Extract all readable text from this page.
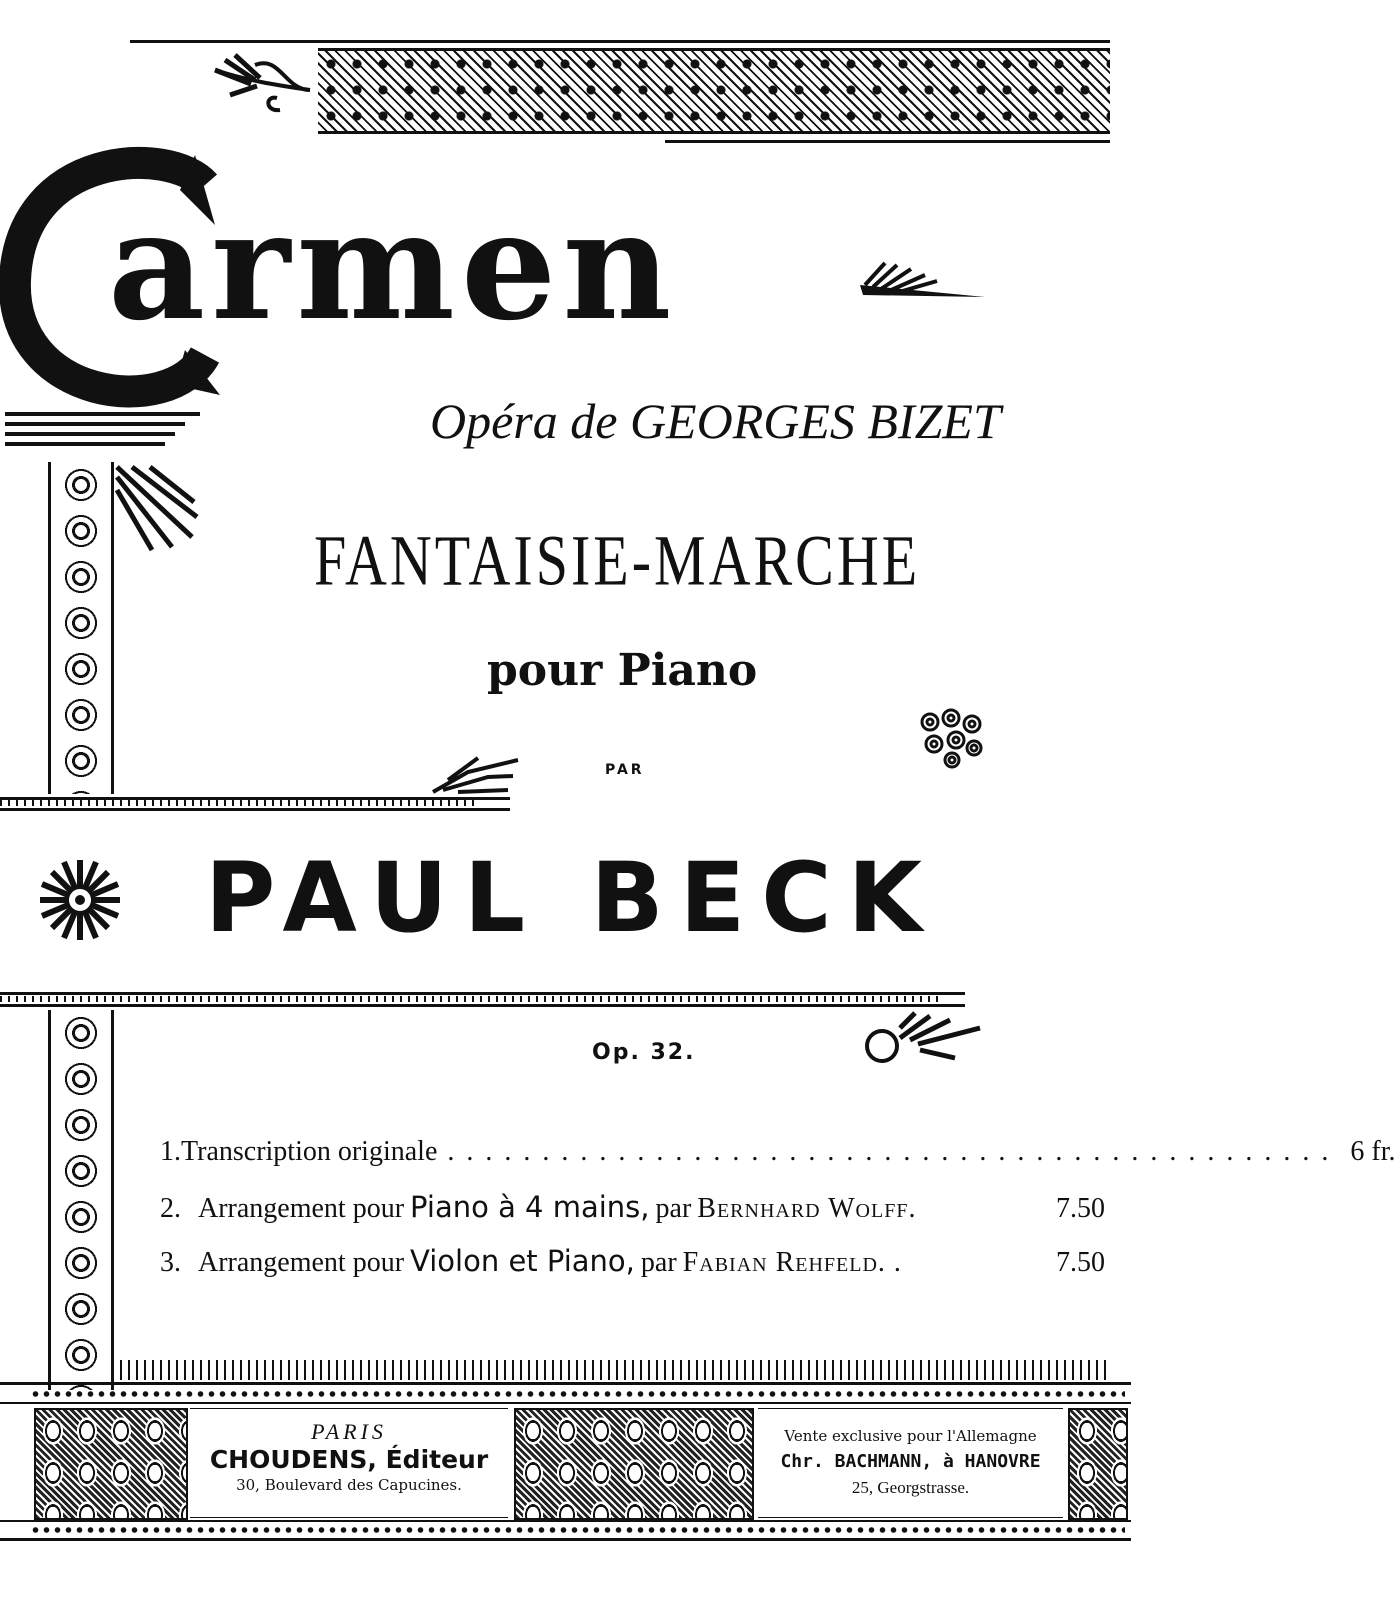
armen
Opéra de GEORGES BIZET
FANTAISIE-MARCHE
pour Piano
PAR
PAUL BECK
Op. 32.
1. Transcription originale ............................................... 6 fr.
2. Arrangement pour Piano à 4 mains, par Bernhard Wolff.	7.50
3. Arrangement pour Violon et Piano, par Fabian Rehfeld. .	7.50
PARIS
CHOUDENS, Éditeur
30, Boulevard des Capucines.
Vente exclusive pour l'Allemagne
Chr. BACHMANN, à HANOVRE
25, Georgstrasse.
